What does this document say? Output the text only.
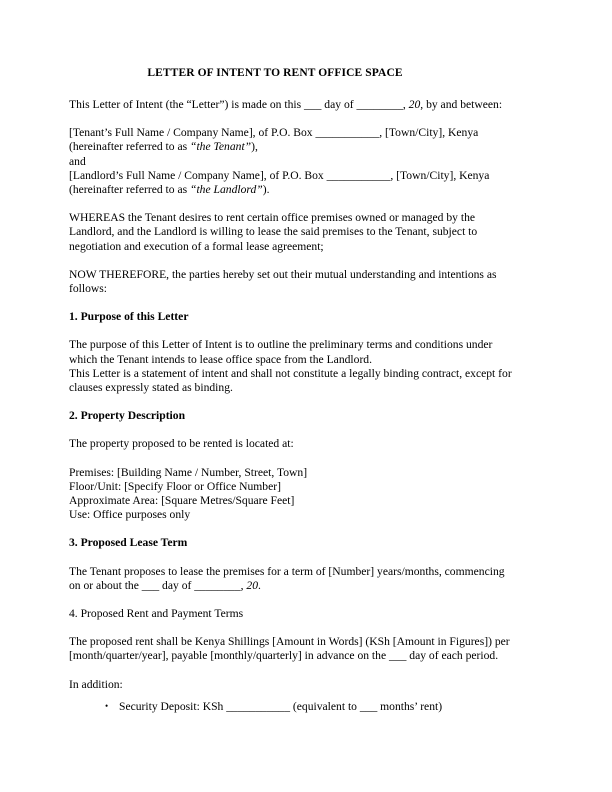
LETTER OF INTENT TO RENT OFFICE SPACE

This Letter of Intent (the “Letter”) is made on this ___ day of ________, 20, by and between:

[Tenant’s Full Name / Company Name], of P.O. Box ___________, [Town/City], Kenya

(hereinafter referred to as “the Tenant”),

and

[Landlord’s Full Name / Company Name], of P.O. Box ___________, [Town/City], Kenya

(hereinafter referred to as “the Landlord”).

WHEREAS the Tenant desires to rent certain office premises owned or managed by the Landlord, and the Landlord is willing to lease the said premises to the Tenant, subject to negotiation and execution of a formal lease agreement;

NOW THEREFORE, the parties hereby set out their mutual understanding and intentions as follows:

1. Purpose of this Letter

The purpose of this Letter of Intent is to outline the preliminary terms and conditions under which the Tenant intends to lease office space from the Landlord.

This Letter is a statement of intent and shall not constitute a legally binding contract, except for clauses expressly stated as binding.

2. Property Description

The property proposed to be rented is located at:

Premises: [Building Name / Number, Street, Town]

Floor/Unit: [Specify Floor or Office Number]

Approximate Area: [Square Metres/Square Feet]

Use: Office purposes only

3. Proposed Lease Term

The Tenant proposes to lease the premises for a term of [Number] years/months, commencing on or about the ___ day of ________, 20.

4. Proposed Rent and Payment Terms

The proposed rent shall be Kenya Shillings [Amount in Words] (KSh [Amount in Figures]) per [month/quarter/year], payable [monthly/quarterly] in advance on the ___ day of each period.

In addition:

• Security Deposit: KSh ___________ (equivalent to ___ months’ rent)
